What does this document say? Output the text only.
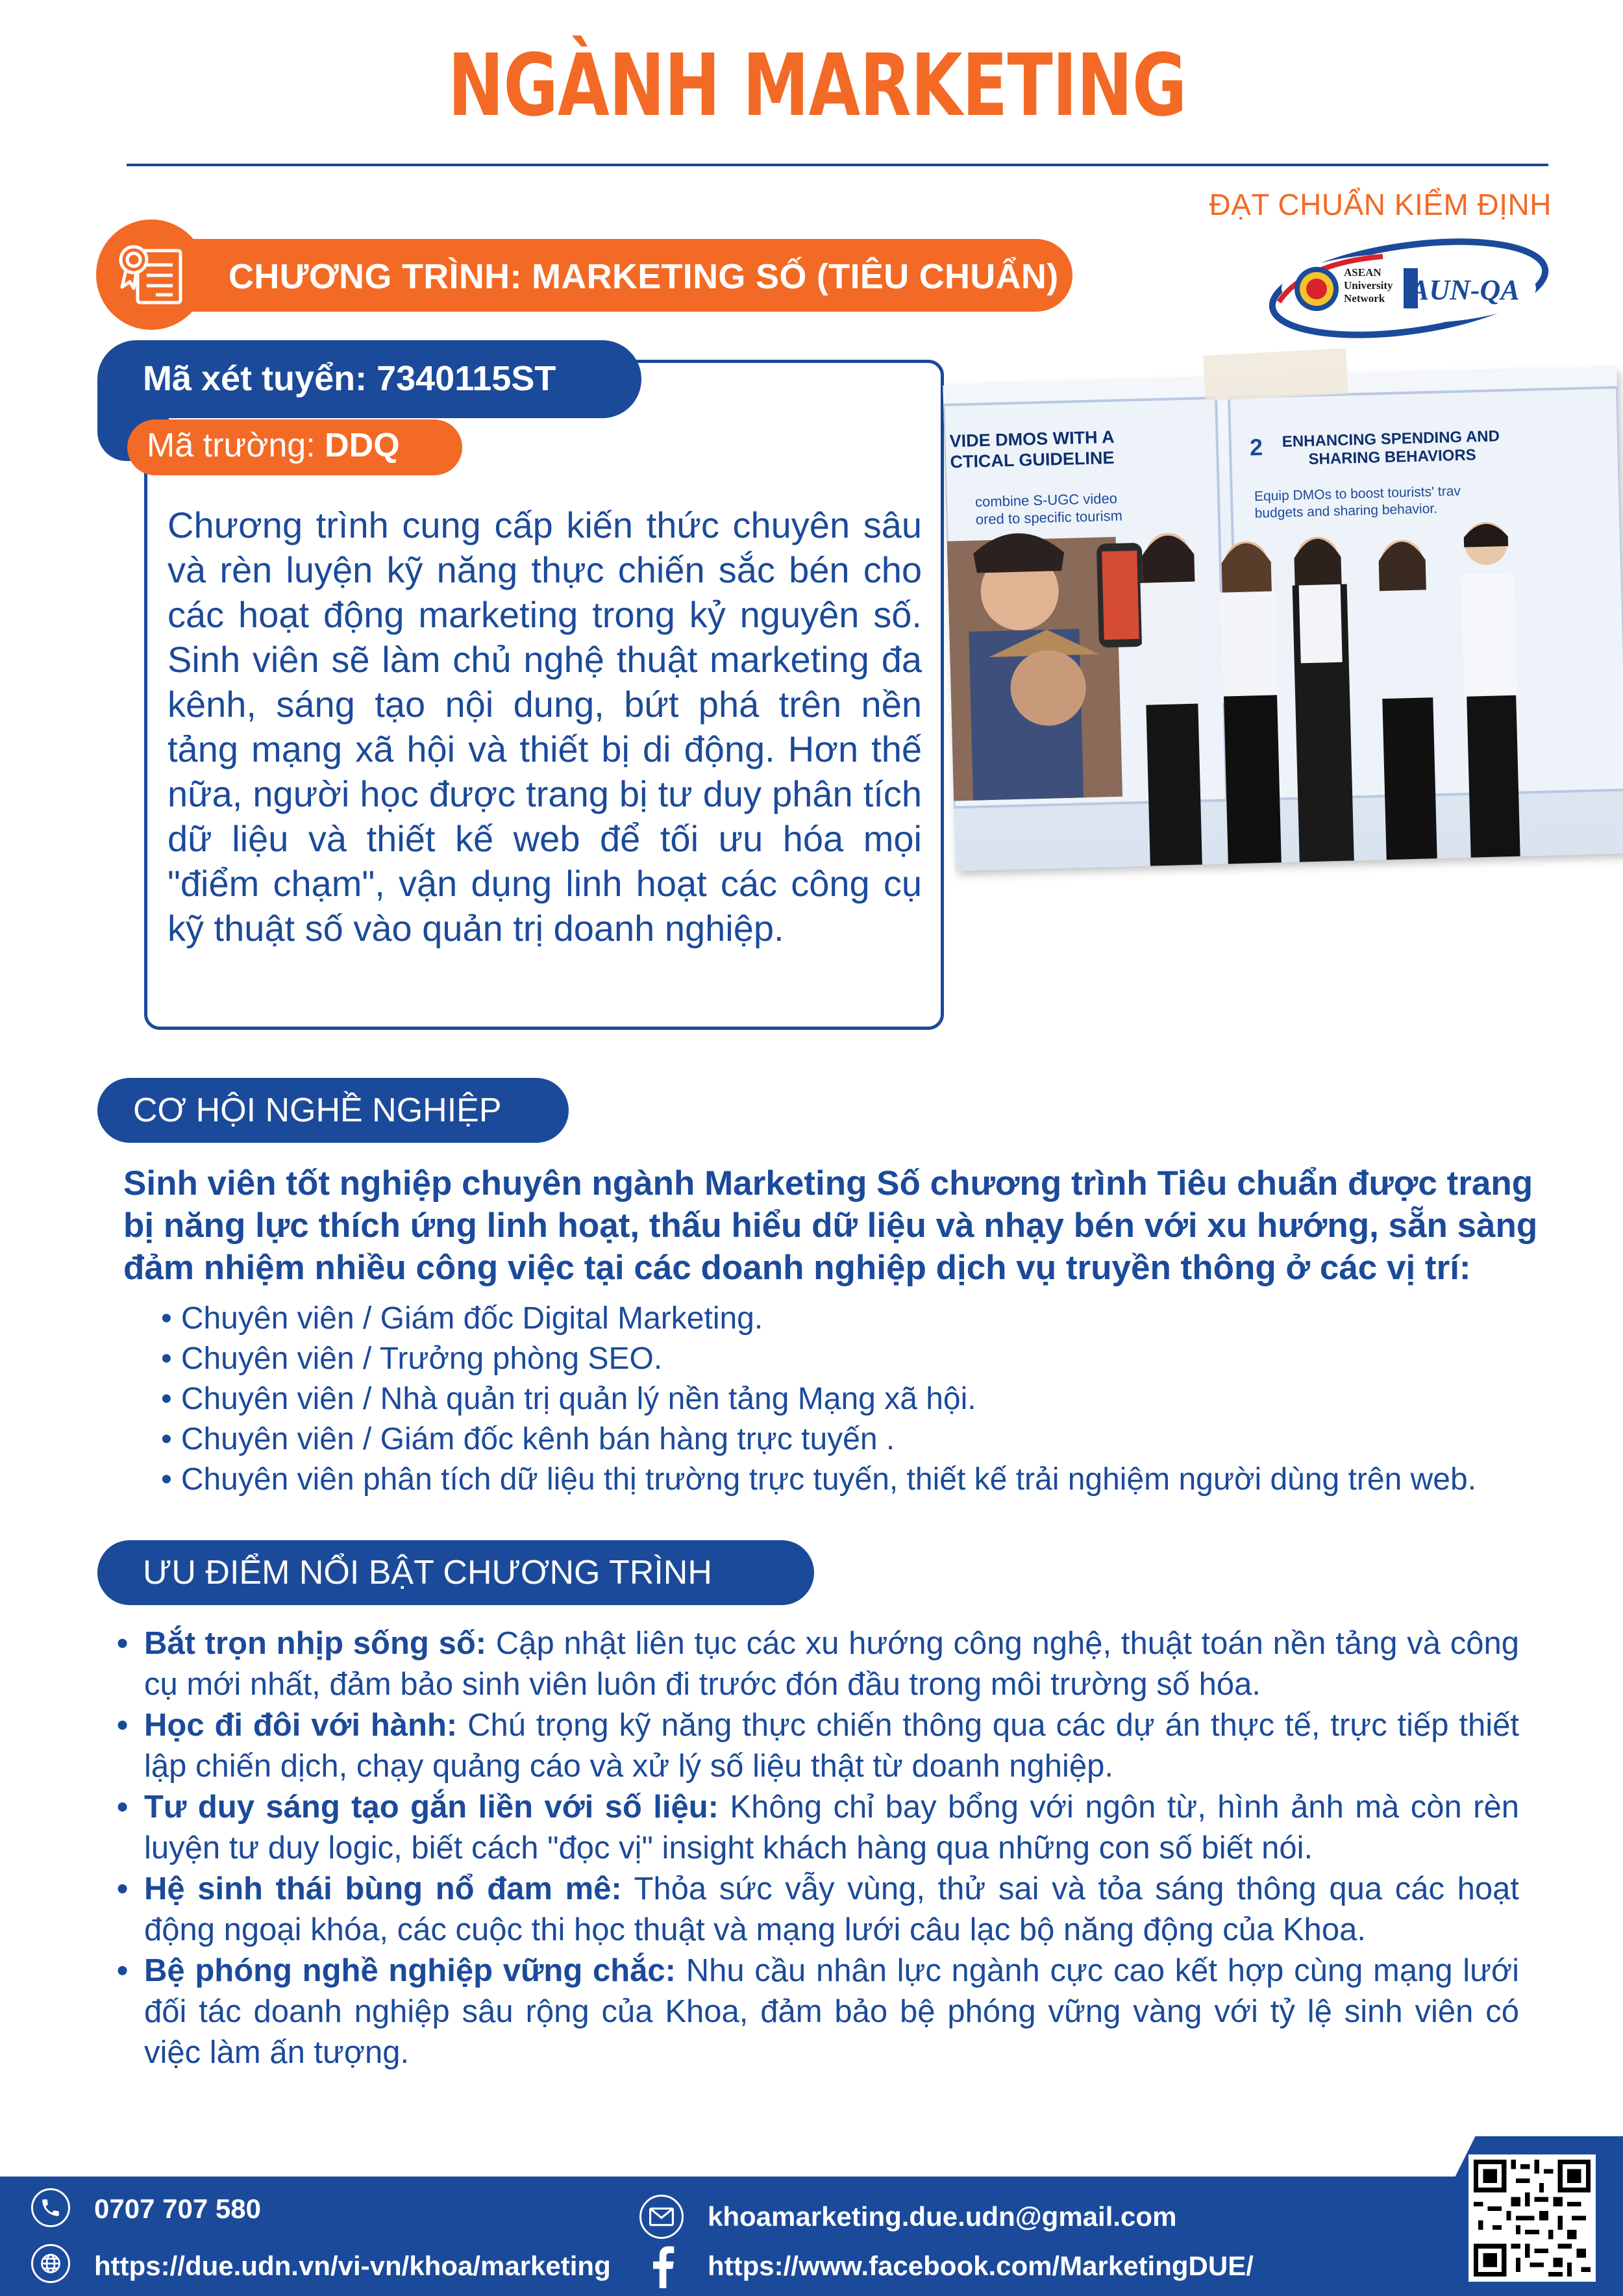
NGÀNH MARKETING
ĐẠT CHUẨN KIỂM ĐỊNH
ASEAN
University
Network AUN-QA
CHƯƠNG TRÌNH: MARKETING SỐ (TIÊU CHUẨN)
Mã xét tuyển: 7340115ST
Mã trường: DDQ
Chương trình cung cấp kiến thức chuyên sâu và rèn luyện kỹ năng thực chiến sắc bén cho các hoạt động marketing trong kỷ nguyên số. Sinh viên sẽ làm chủ nghệ thuật marketing đa kênh, sáng tạo nội dung, bứt phá trên nền tảng mạng xã hội và thiết bị di động. Hơn thế nữa, người học được trang bị tư duy phân tích dữ liệu và thiết kế web để tối ưu hóa mọi "điểm chạm", vận dụng linh hoạt các công cụ kỹ thuật số vào quản trị doanh nghiệp.
VIDE DMOS WITH A
CTICAL GUIDELINE
combine S-UGC video
ored to specific tourism
2 ENHANCING SPENDING AND
SHARING BEHAVIORS
Equip DMOs to boost tourists' trav
budgets and sharing behavior.
CƠ HỘI NGHỀ NGHIỆP
Sinh viên tốt nghiệp chuyên ngành Marketing Số chương trình Tiêu chuẩn được trang bị năng lực thích ứng linh hoạt, thấu hiểu dữ liệu và nhạy bén với xu hướng, sẵn sàng đảm nhiệm nhiều công việc tại các doanh nghiệp dịch vụ truyền thông ở các vị trí:
• Chuyên viên / Giám đốc Digital Marketing.
• Chuyên viên / Trưởng phòng SEO.
• Chuyên viên / Nhà quản trị quản lý nền tảng Mạng xã hội.
• Chuyên viên / Giám đốc kênh bán hàng trực tuyến .
• Chuyên viên phân tích dữ liệu thị trường trực tuyến, thiết kế trải nghiệm người dùng trên web.
ƯU ĐIỂM NỔI BẬT CHƯƠNG TRÌNH
• Bắt trọn nhịp sống số: Cập nhật liên tục các xu hướng công nghệ, thuật toán nền tảng và công cụ mới nhất, đảm bảo sinh viên luôn đi trước đón đầu trong môi trường số hóa.
• Học đi đôi với hành: Chú trọng kỹ năng thực chiến thông qua các dự án thực tế, trực tiếp thiết lập chiến dịch, chạy quảng cáo và xử lý số liệu thật từ doanh nghiệp.
• Tư duy sáng tạo gắn liền với số liệu: Không chỉ bay bổng với ngôn từ, hình ảnh mà còn rèn luyện tư duy logic, biết cách "đọc vị" insight khách hàng qua những con số biết nói.
• Hệ sinh thái bùng nổ đam mê: Thỏa sức vẫy vùng, thử sai và tỏa sáng thông qua các hoạt động ngoại khóa, các cuộc thi học thuật và mạng lưới câu lạc bộ năng động của Khoa.
• Bệ phóng nghề nghiệp vững chắc: Nhu cầu nhân lực ngành cực cao kết hợp cùng mạng lưới đối tác doanh nghiệp sâu rộng của Khoa, đảm bảo bệ phóng vững vàng với tỷ lệ sinh viên có việc làm ấn tượng.
0707 707 580
https://due.udn.vn/vi-vn/khoa/marketing
khoamarketing.due.udn@gmail.com
https://www.facebook.com/MarketingDUE/
